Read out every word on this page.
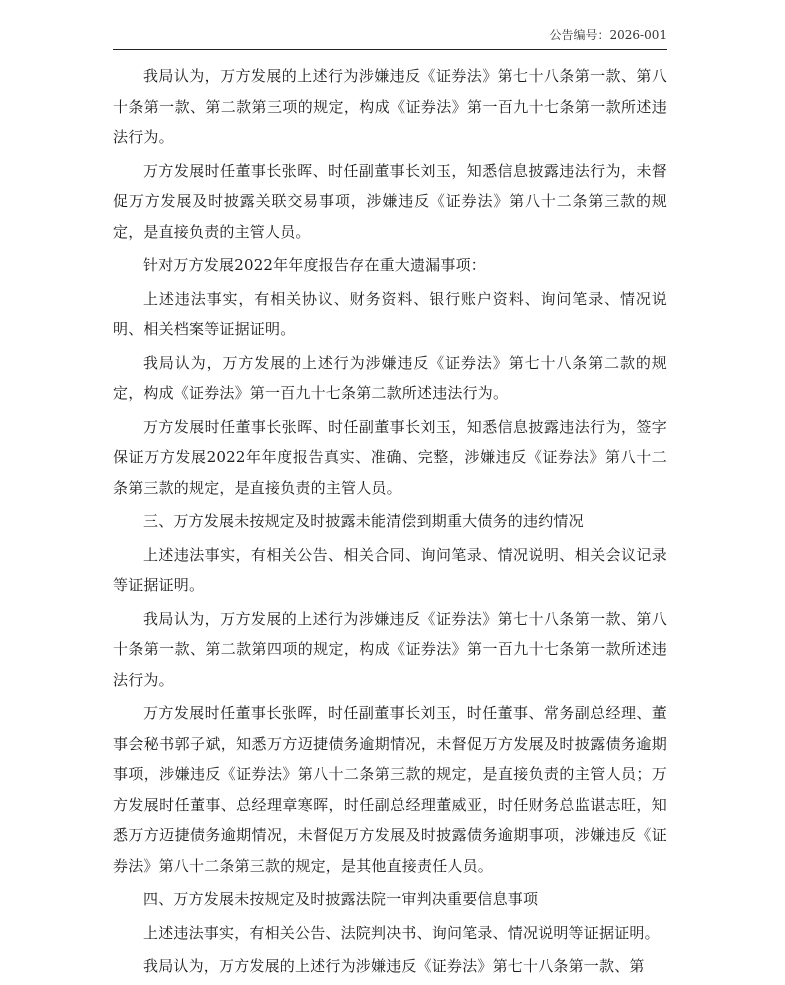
公告编号：2026-001

我局认为，万方发展的上述行为涉嫌违反《证券法》第七十八条第一款、第八十条第一款、第二款第三项的规定，构成《证券法》第一百九十七条第一款所述违法行为。

万方发展时任董事长张晖、时任副董事长刘玉，知悉信息披露违法行为，未督促万方发展及时披露关联交易事项，涉嫌违反《证券法》第八十二条第三款的规定，是直接负责的主管人员。

针对万方发展2022年年度报告存在重大遗漏事项：

上述违法事实，有相关协议、财务资料、银行账户资料、询问笔录、情况说明、相关档案等证据证明。

我局认为，万方发展的上述行为涉嫌违反《证券法》第七十八条第二款的规定，构成《证券法》第一百九十七条第二款所述违法行为。

万方发展时任董事长张晖、时任副董事长刘玉，知悉信息披露违法行为，签字保证万方发展2022年年度报告真实、准确、完整，涉嫌违反《证券法》第八十二条第三款的规定，是直接负责的主管人员。

三、万方发展未按规定及时披露未能清偿到期重大债务的违约情况

上述违法事实，有相关公告、相关合同、询问笔录、情况说明、相关会议记录等证据证明。

我局认为，万方发展的上述行为涉嫌违反《证券法》第七十八条第一款、第八十条第一款、第二款第四项的规定，构成《证券法》第一百九十七条第一款所述违法行为。

万方发展时任董事长张晖，时任副董事长刘玉，时任董事、常务副总经理、董事会秘书郭子斌，知悉万方迈捷债务逾期情况，未督促万方发展及时披露债务逾期事项，涉嫌违反《证券法》第八十二条第三款的规定，是直接负责的主管人员；万方发展时任董事、总经理章寒晖，时任副总经理董威亚，时任财务总监谌志旺，知悉万方迈捷债务逾期情况，未督促万方发展及时披露债务逾期事项，涉嫌违反《证券法》第八十二条第三款的规定，是其他直接责任人员。

四、万方发展未按规定及时披露法院一审判决重要信息事项

上述违法事实，有相关公告、法院判决书、询问笔录、情况说明等证据证明。

我局认为，万方发展的上述行为涉嫌违反《证券法》第七十八条第一款、第
